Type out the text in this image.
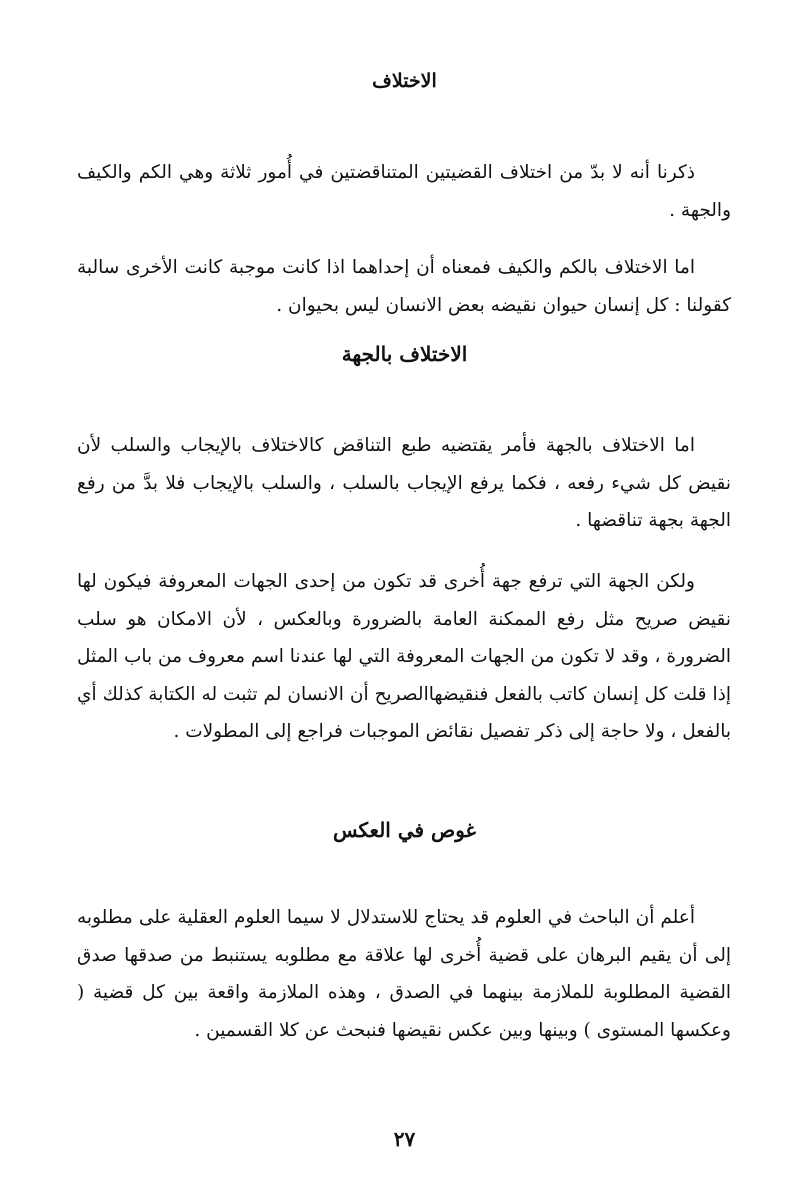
الاختلاف

ذكرنا أنه لا بدّ من اختلاف القضيتين المتناقضتين في أُمور ثلاثة وهي الكم والكيف والجهة .

اما الاختلاف بالكم والكيف فمعناه أن إحداهما اذا كانت موجبة كانت الأخرى سالبة كقولنا : كل إنسان حيوان نقيضه بعض الانسان ليس بحيوان .

الاختلاف بالجهة

اما الاختلاف بالجهة فأمر يقتضيه طبع التناقض كالاختلاف بالإيجاب والسلب لأن نقيض كل شيء رفعه ، فكما يرفع الإيجاب بالسلب ، والسلب بالإيجاب فلا بدَّ من رفع الجهة بجهة تناقضها .

ولكن الجهة التي ترفع جهة أُخرى قد تكون من إحدى الجهات المعروفة فيكون لها نقيض صريح مثل رفع الممكنة العامة بالضرورة وبالعكس ، لأن الامكان هو سلب الضرورة ، وقد لا تكون من الجهات المعروفة التي لها عندنا اسم معروف من باب المثل إذا قلت كل إنسان كاتب بالفعل فنقيضهاالصريح أن الانسان لم تثبت له الكتابة كذلك أي بالفعل ، ولا حاجة إلى ذكر تفصيل نقائض الموجبات فراجع إلى المطولات .

غوص في العكس

أعلم أن الباحث في العلوم قد يحتاج للاستدلال لا سيما العلوم العقلية على مطلوبه إلى أن يقيم البرهان على قضية أُخرى لها علاقة مع مطلوبه يستنبط من صدقها صدق القضية المطلوبة للملازمة بينهما في الصدق ، وهذه الملازمة واقعة بين كل قضية ( وعكسها المستوى ) وبينها وبين عكس نقيضها فنبحث عن كلا القسمين .

٢٧
